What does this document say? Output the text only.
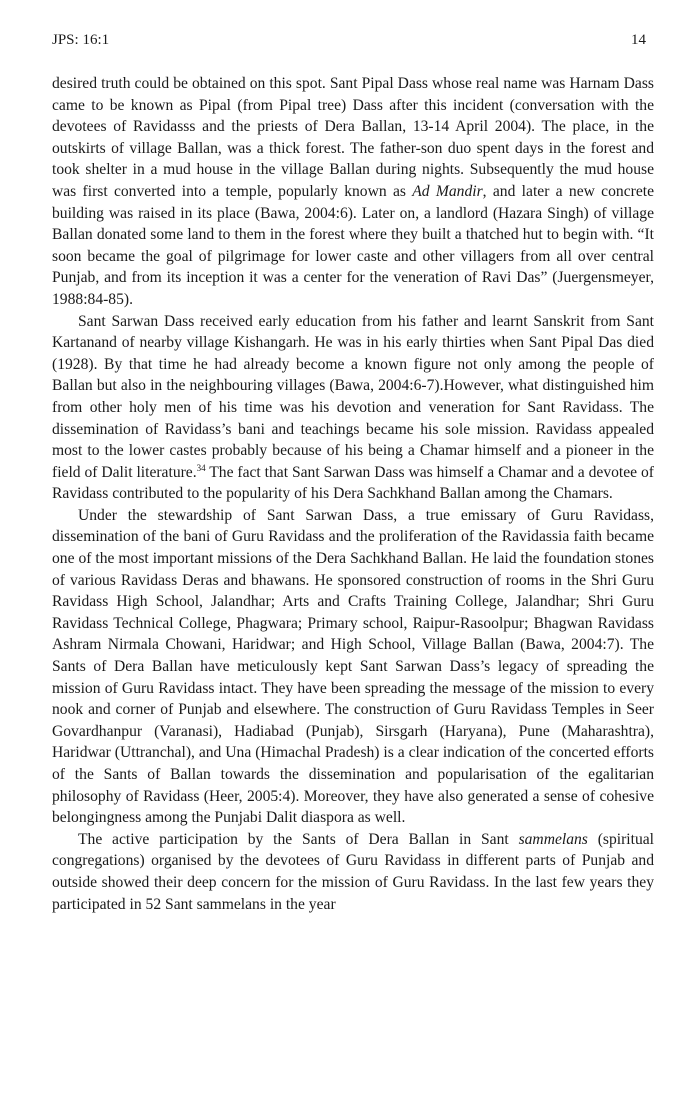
JPS: 16:1	14

desired truth could be obtained on this spot. Sant Pipal Dass whose real name was Harnam Dass came to be known as Pipal (from Pipal tree) Dass after this incident (conversation with the devotees of Ravidasss and the priests of Dera Ballan, 13-14 April 2004). The place, in the outskirts of village Ballan, was a thick forest. The father-son duo spent days in the forest and took shelter in a mud house in the village Ballan during nights. Subsequently the mud house was first converted into a temple, popularly known as Ad Mandir, and later a new concrete building was raised in its place (Bawa, 2004:6). Later on, a landlord (Hazara Singh) of village Ballan donated some land to them in the forest where they built a thatched hut to begin with. “It soon became the goal of pilgrimage for lower caste and other villagers from all over central Punjab, and from its inception it was a center for the veneration of Ravi Das” (Juergensmeyer, 1988:84-85).

Sant Sarwan Dass received early education from his father and learnt Sanskrit from Sant Kartanand of nearby village Kishangarh. He was in his early thirties when Sant Pipal Das died (1928). By that time he had already become a known figure not only among the people of Ballan but also in the neighbouring villages (Bawa, 2004:6-7).However, what distinguished him from other holy men of his time was his devotion and veneration for Sant Ravidass. The dissemination of Ravidass’s bani and teachings became his sole mission. Ravidass appealed most to the lower castes probably because of his being a Chamar himself and a pioneer in the field of Dalit literature.$^{34}$ The fact that Sant Sarwan Dass was himself a Chamar and a devotee of Ravidass contributed to the popularity of his Dera Sachkhand Ballan among the Chamars.

Under the stewardship of Sant Sarwan Dass, a true emissary of Guru Ravidass, dissemination of the bani of Guru Ravidass and the proliferation of the Ravidassia faith became one of the most important missions of the Dera Sachkhand Ballan. He laid the foundation stones of various Ravidass Deras and bhawans. He sponsored construction of rooms in the Shri Guru Ravidass High School, Jalandhar; Arts and Crafts Training College, Jalandhar; Shri Guru Ravidass Technical College, Phagwara; Primary school, Raipur-Rasoolpur; Bhagwan Ravidass Ashram Nirmala Chowani, Haridwar; and High School, Village Ballan (Bawa, 2004:7). The Sants of Dera Ballan have meticulously kept Sant Sarwan Dass’s legacy of spreading the mission of Guru Ravidass intact. They have been spreading the message of the mission to every nook and corner of Punjab and elsewhere. The construction of Guru Ravidass Temples in Seer Govardhanpur (Varanasi), Hadiabad (Punjab), Sirsgarh (Haryana), Pune (Maharashtra), Haridwar (Uttranchal), and Una (Himachal Pradesh) is a clear indication of the concerted efforts of the Sants of Ballan towards the dissemination and popularisation of the egalitarian philosophy of Ravidass (Heer, 2005:4). Moreover, they have also generated a sense of cohesive belongingness among the Punjabi Dalit diaspora as well.

The active participation by the Sants of Dera Ballan in Sant sammelans (spiritual congregations) organised by the devotees of Guru Ravidass in different parts of Punjab and outside showed their deep concern for the mission of Guru Ravidass. In the last few years they participated in 52 Sant sammelans in the year
